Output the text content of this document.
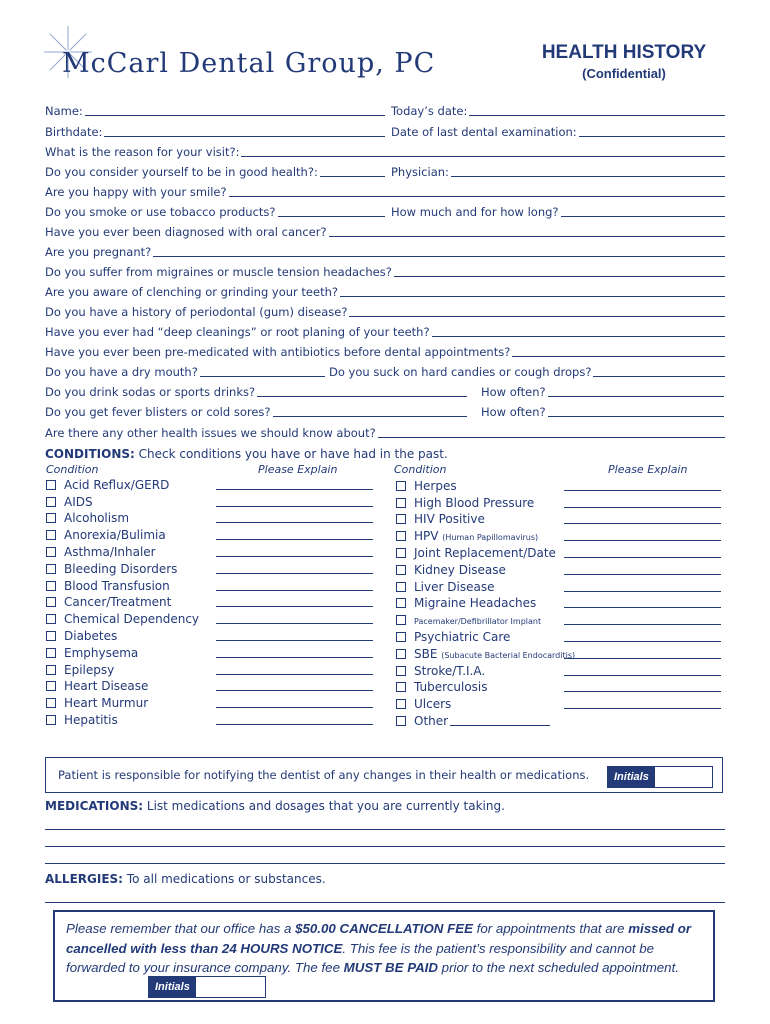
McCarl Dental Group, PC	HEALTH HISTORY
(Confidential)
Name:	Today’s date:
Birthdate:	Date of last dental examination:
What is the reason for your visit?:
Do you consider yourself to be in good health?:	Physician:
Are you happy with your smile?
Do you smoke or use tobacco products?	How much and for how long?
Have you ever been diagnosed with oral cancer?
Are you pregnant?
Do you suffer from migraines or muscle tension headaches?
Are you aware of clenching or grinding your teeth?
Do you have a history of periodontal (gum) disease?
Have you ever had “deep cleanings” or root planing of your teeth?
Have you ever been pre-medicated with antibiotics before dental appointments?
Do you have a dry mouth?	Do you suck on hard candies or cough drops?
Do you drink sodas or sports drinks?	How often?
Do you get fever blisters or cold sores?	How often?
Are there any other health issues we should know about?
CONDITIONS: Check conditions you have or have had in the past.
Condition	Please Explain	Condition	Please Explain
Acid Reflux/GERD
AIDS
Alcoholism
Anorexia/Bulimia
Asthma/Inhaler
Bleeding Disorders
Blood Transfusion
Cancer/Treatment
Chemical Dependency
Diabetes
Emphysema
Epilepsy
Heart Disease
Heart Murmur
Hepatitis
Herpes
High Blood Pressure
HIV Positive
HPV (Human Papillomavirus)
Joint Replacement/Date
Kidney Disease
Liver Disease
Migraine Headaches
Pacemaker/Defibrillator Implant
Psychiatric Care
SBE (Subacute Bacterial Endocarditis)
Stroke/T.I.A.
Tuberculosis
Ulcers
Other
Patient is responsible for notifying the dentist of any changes in their health or medications.	Initials
MEDICATIONS: List medications and dosages that you are currently taking.
ALLERGIES: To all medications or substances.
Please remember that our office has a $50.00 CANCELLATION FEE for appointments that are missed or cancelled with less than 24 HOURS NOTICE. This fee is the patient’s responsibility and cannot be forwarded to your insurance company. The fee MUST BE PAID prior to the next scheduled appointment.
Initials
